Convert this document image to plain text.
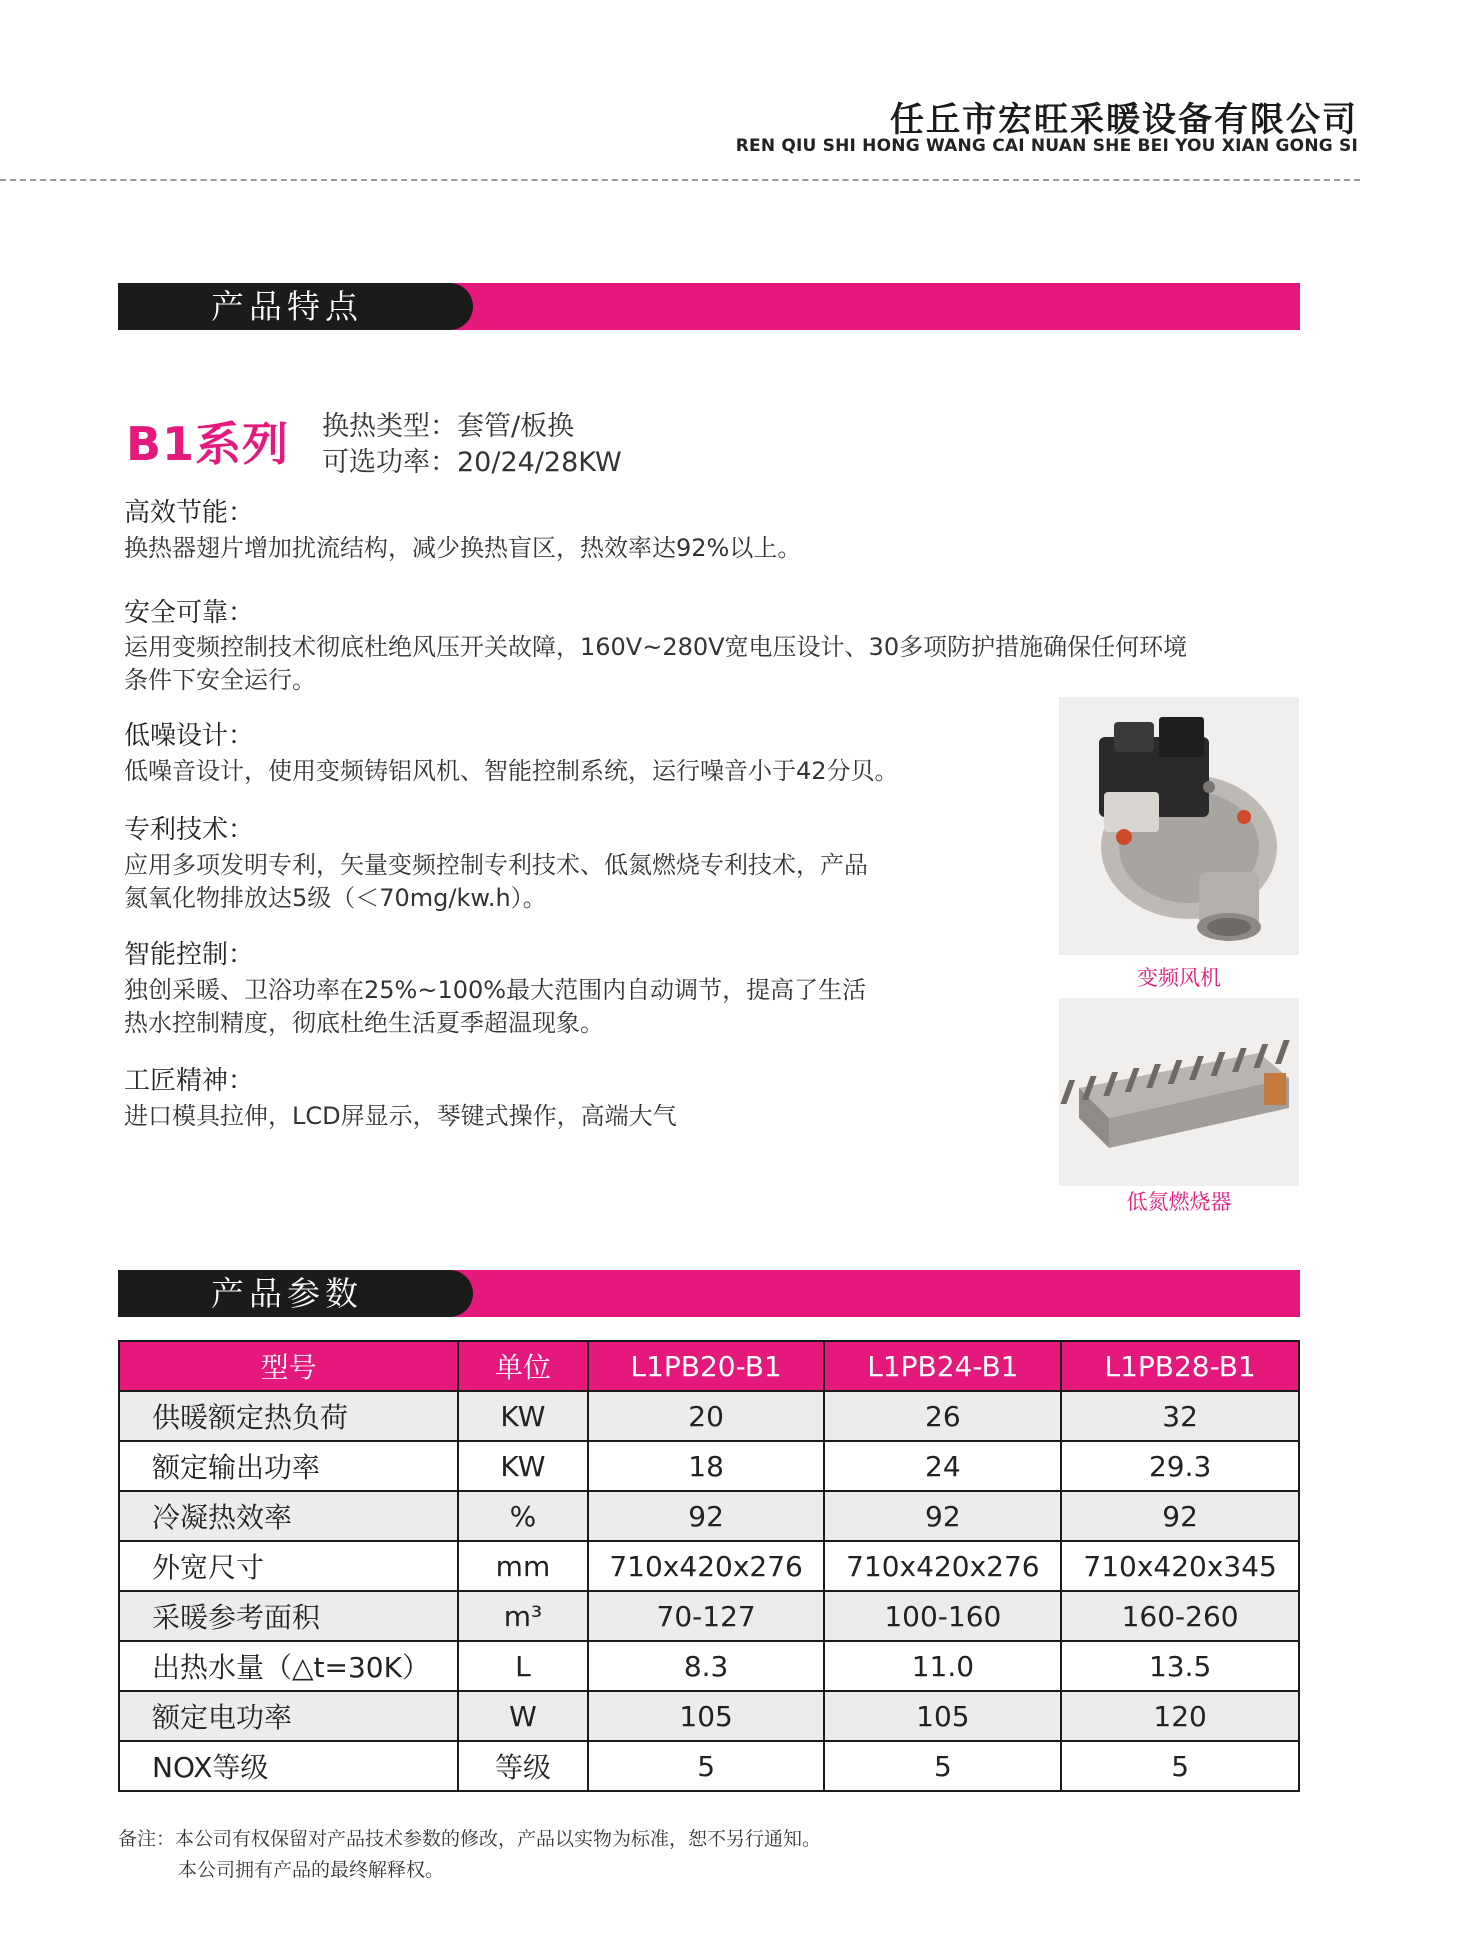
任丘市宏旺采暖设备有限公司
REN QIU SHI HONG WANG CAI NUAN SHE BEI YOU XIAN GONG SI
产品特点
B1系列 换热类型：套管/板换
可选功率：20/24/28KW
高效节能：
换热器翅片增加扰流结构，减少换热盲区，热效率达92%以上。
安全可靠：
运用变频控制技术彻底杜绝风压开关故障，160V~280V宽电压设计、30多项防护措施确保任何环境
条件下安全运行。
低噪设计：
低噪音设计，使用变频铸铝风机、智能控制系统，运行噪音小于42分贝。
专利技术：
应用多项发明专利，矢量变频控制专利技术、低氮燃烧专利技术，产品
氮氧化物排放达5级（＜70mg/kw.h）。
智能控制：
独创采暖、卫浴功率在25%~100%最大范围内自动调节，提高了生活
热水控制精度，彻底杜绝生活夏季超温现象。
工匠精神：
进口模具拉伸，LCD屏显示，琴键式操作，高端大气
变频风机
低氮燃烧器
产品参数
型号	单位	L1PB20-B1	L1PB24-B1	L1PB28-B1
供暖额定热负荷	KW	20	26	32
额定输出功率	KW	18	24	29.3
冷凝热效率	%	92	92	92
外宽尺寸	mm	710x420x276	710x420x276	710x420x345
采暖参考面积	m³	70-127	100-160	160-260
出热水量（△t=30K）	L	8.3	11.0	13.5
额定电功率	W	105	105	120
NOX等级	等级	5	5	5
备注：本公司有权保留对产品技术参数的修改，产品以实物为标准，恕不另行通知。
本公司拥有产品的最终解释权。
